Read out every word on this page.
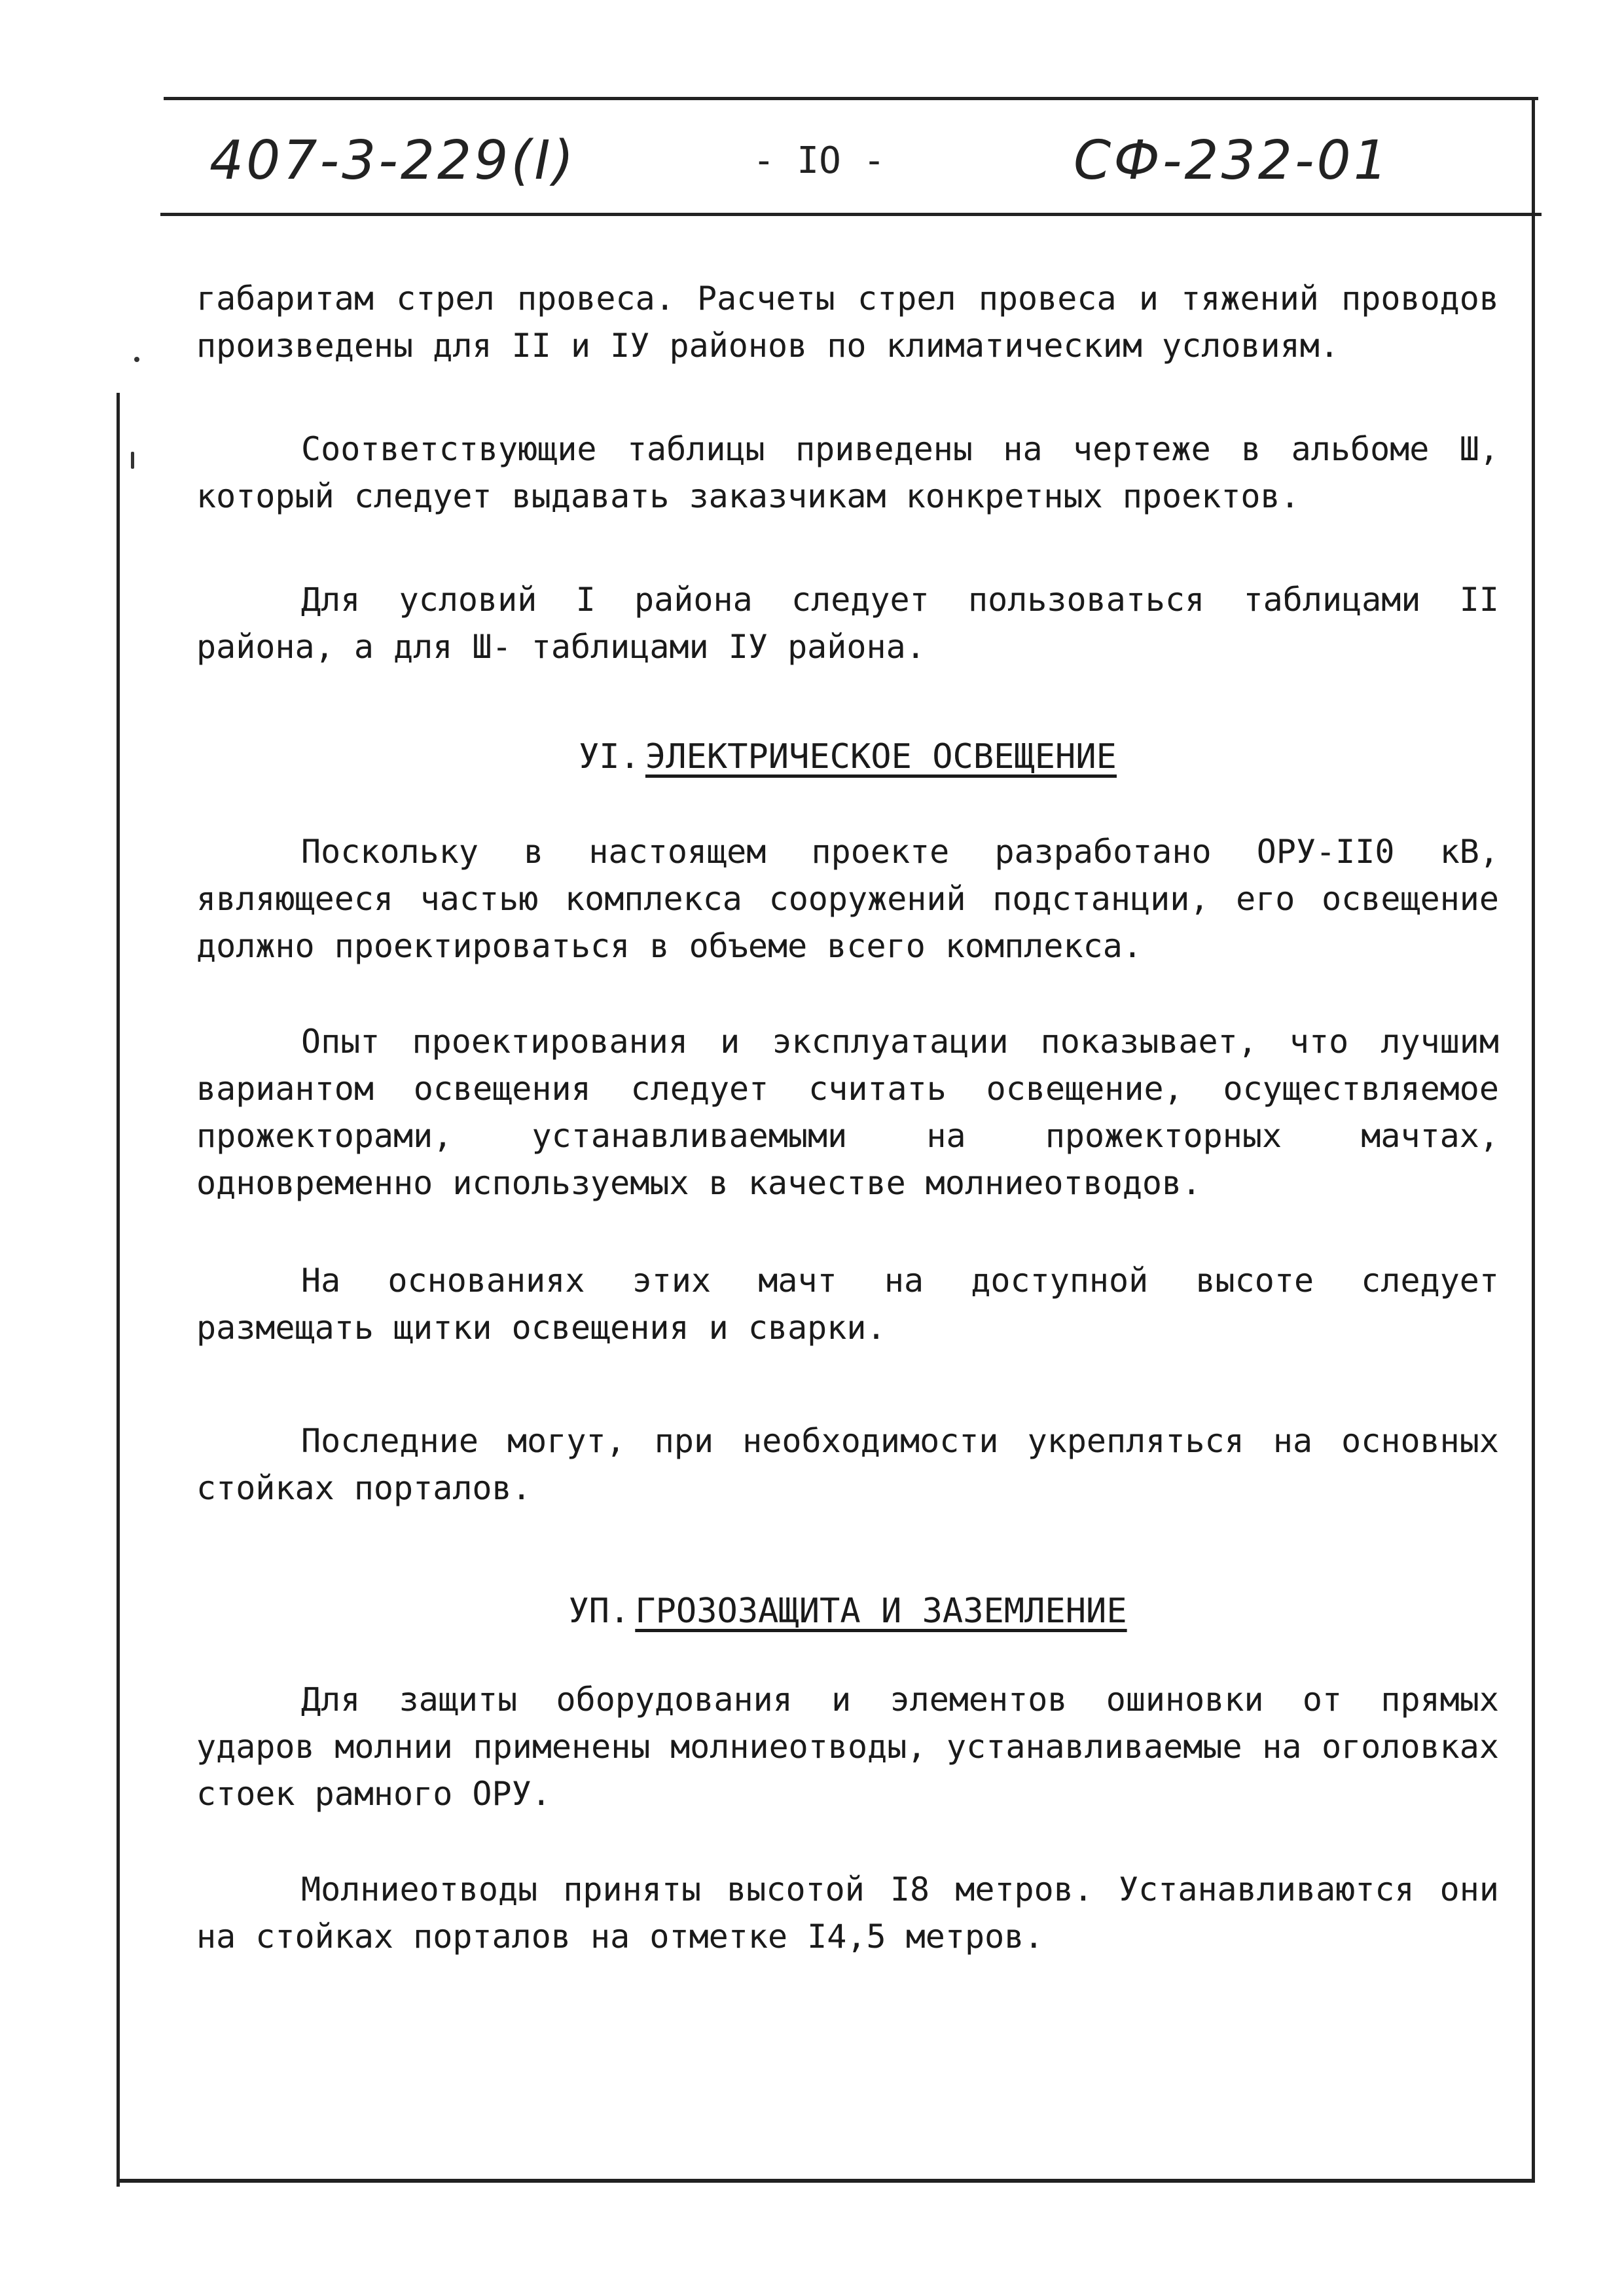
407-3-229(I)	- IO -	СФ-232-01

габаритам стрел провеса. Расчеты стрел провеса и тяжений проводов произведены для II и IУ районов по климатическим условиям.

Соответствующие таблицы приведены на чертеже в альбоме Ш, который следует выдавать заказчикам конкретных проектов.

Для условий I района следует пользоваться таблицами II района, а для Ш- таблицами IУ района.

УI. ЭЛЕКТРИЧЕСКОЕ ОСВЕЩЕНИЕ

Поскольку в настоящем проекте разработано ОРУ-II0 кВ, являющееся частью комплекса сооружений подстанции, его освещение должно проектироваться в объеме всего комплекса.

Опыт проектирования и эксплуатации показывает, что лучшим вариантом освещения следует считать освещение, осуществляемое прожекторами, устанавливаемыми на прожекторных мачтах, одновременно используемых в качестве молниеотводов.

На основаниях этих мачт на доступной высоте следует размещать щитки освещения и сварки.

Последние могут, при необходимости укрепляться на основных стойках порталов.

УП. ГРОЗОЗАЩИТА И ЗАЗЕМЛЕНИЕ

Для защиты оборудования и элементов ошиновки от прямых ударов молнии применены молниеотводы, устанавливаемые на оголовках стоек рамного ОРУ.

Молниеотводы приняты высотой I8 метров. Устанавливаются они на стойках порталов на отметке I4,5 метров.
